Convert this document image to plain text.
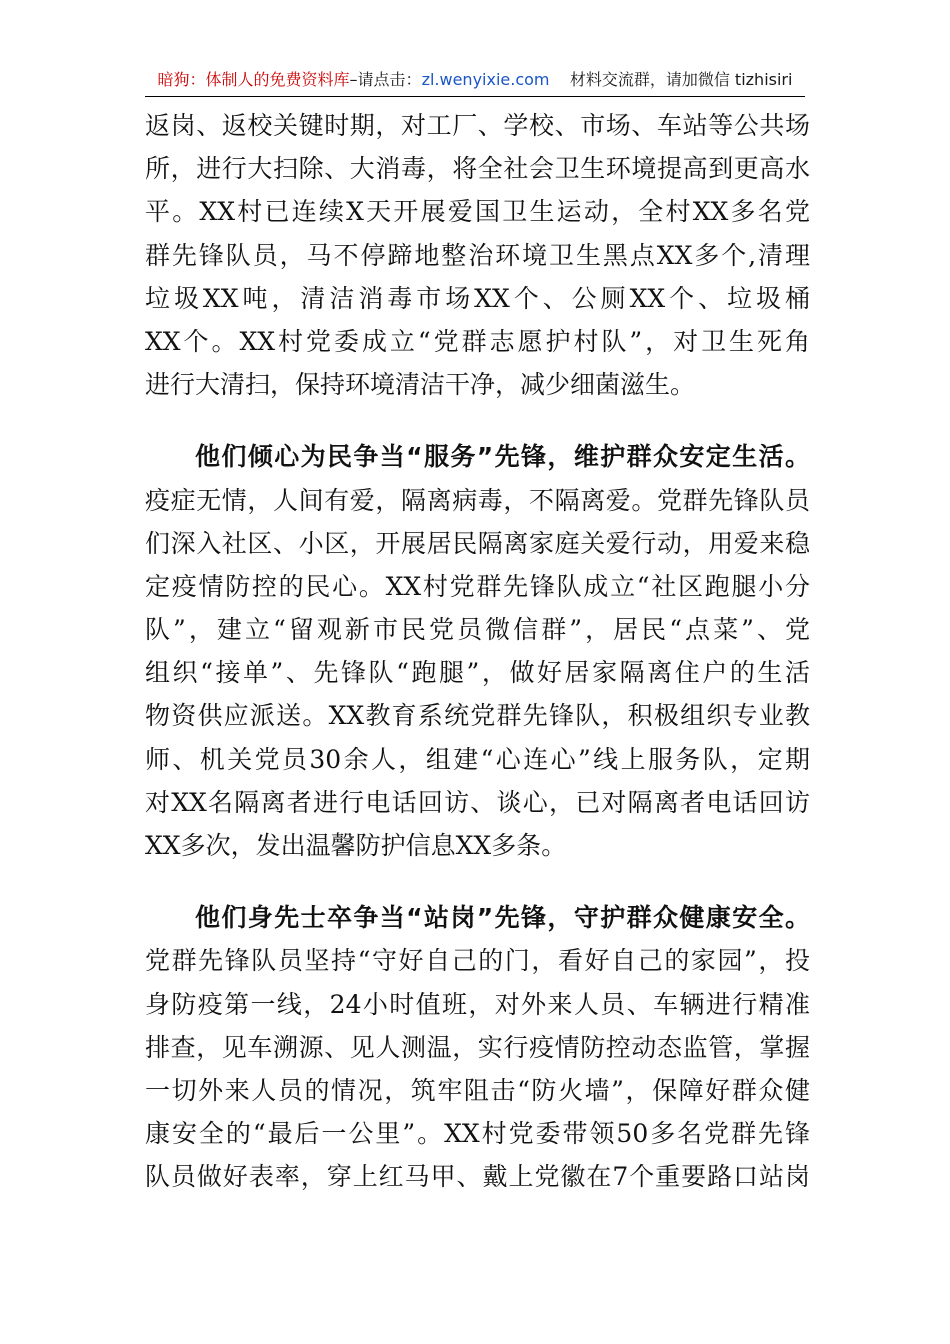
暗狗：体制人的免费资料库–请点击：zl.wenyixie.com 材料交流群，请加微信 tizhisiri
返岗、返校关键时期，对工厂、学校、市场、车站等公共场
所，进行大扫除、大消毒，将全社会卫生环境提高到更高水
平。XX村已连续X天开展爱国卫生运动，全村XX多名党
群先锋队员，马不停蹄地整治环境卫生黑点XX多个,清理
垃圾XX吨，清洁消毒市场XX个、公厕XX个、垃圾桶
XX个。XX村党委成立“党群志愿护村队”，对卫生死角
进行大清扫，保持环境清洁干净，减少细菌滋生。
他们倾心为民争当“服务”先锋，维护群众安定生活。
疫症无情，人间有爱，隔离病毒，不隔离爱。党群先锋队员
们深入社区、小区，开展居民隔离家庭关爱行动，用爱来稳
定疫情防控的民心。XX村党群先锋队成立“社区跑腿小分
队”，建立“留观新市民党员微信群”，居民“点菜”、党
组织“接单”、先锋队“跑腿”，做好居家隔离住户的生活
物资供应派送。XX教育系统党群先锋队，积极组织专业教
师、机关党员30余人，组建“心连心”线上服务队，定期
对XX名隔离者进行电话回访、谈心，已对隔离者电话回访
XX多次，发出温馨防护信息XX多条。
他们身先士卒争当“站岗”先锋，守护群众健康安全。
党群先锋队员坚持“守好自己的门，看好自己的家园”，投
身防疫第一线，24小时值班，对外来人员、车辆进行精准
排查，见车溯源、见人测温，实行疫情防控动态监管，掌握
一切外来人员的情况，筑牢阻击“防火墙”，保障好群众健
康安全的“最后一公里”。XX村党委带领50多名党群先锋
队员做好表率，穿上红马甲、戴上党徽在7个重要路口站岗
